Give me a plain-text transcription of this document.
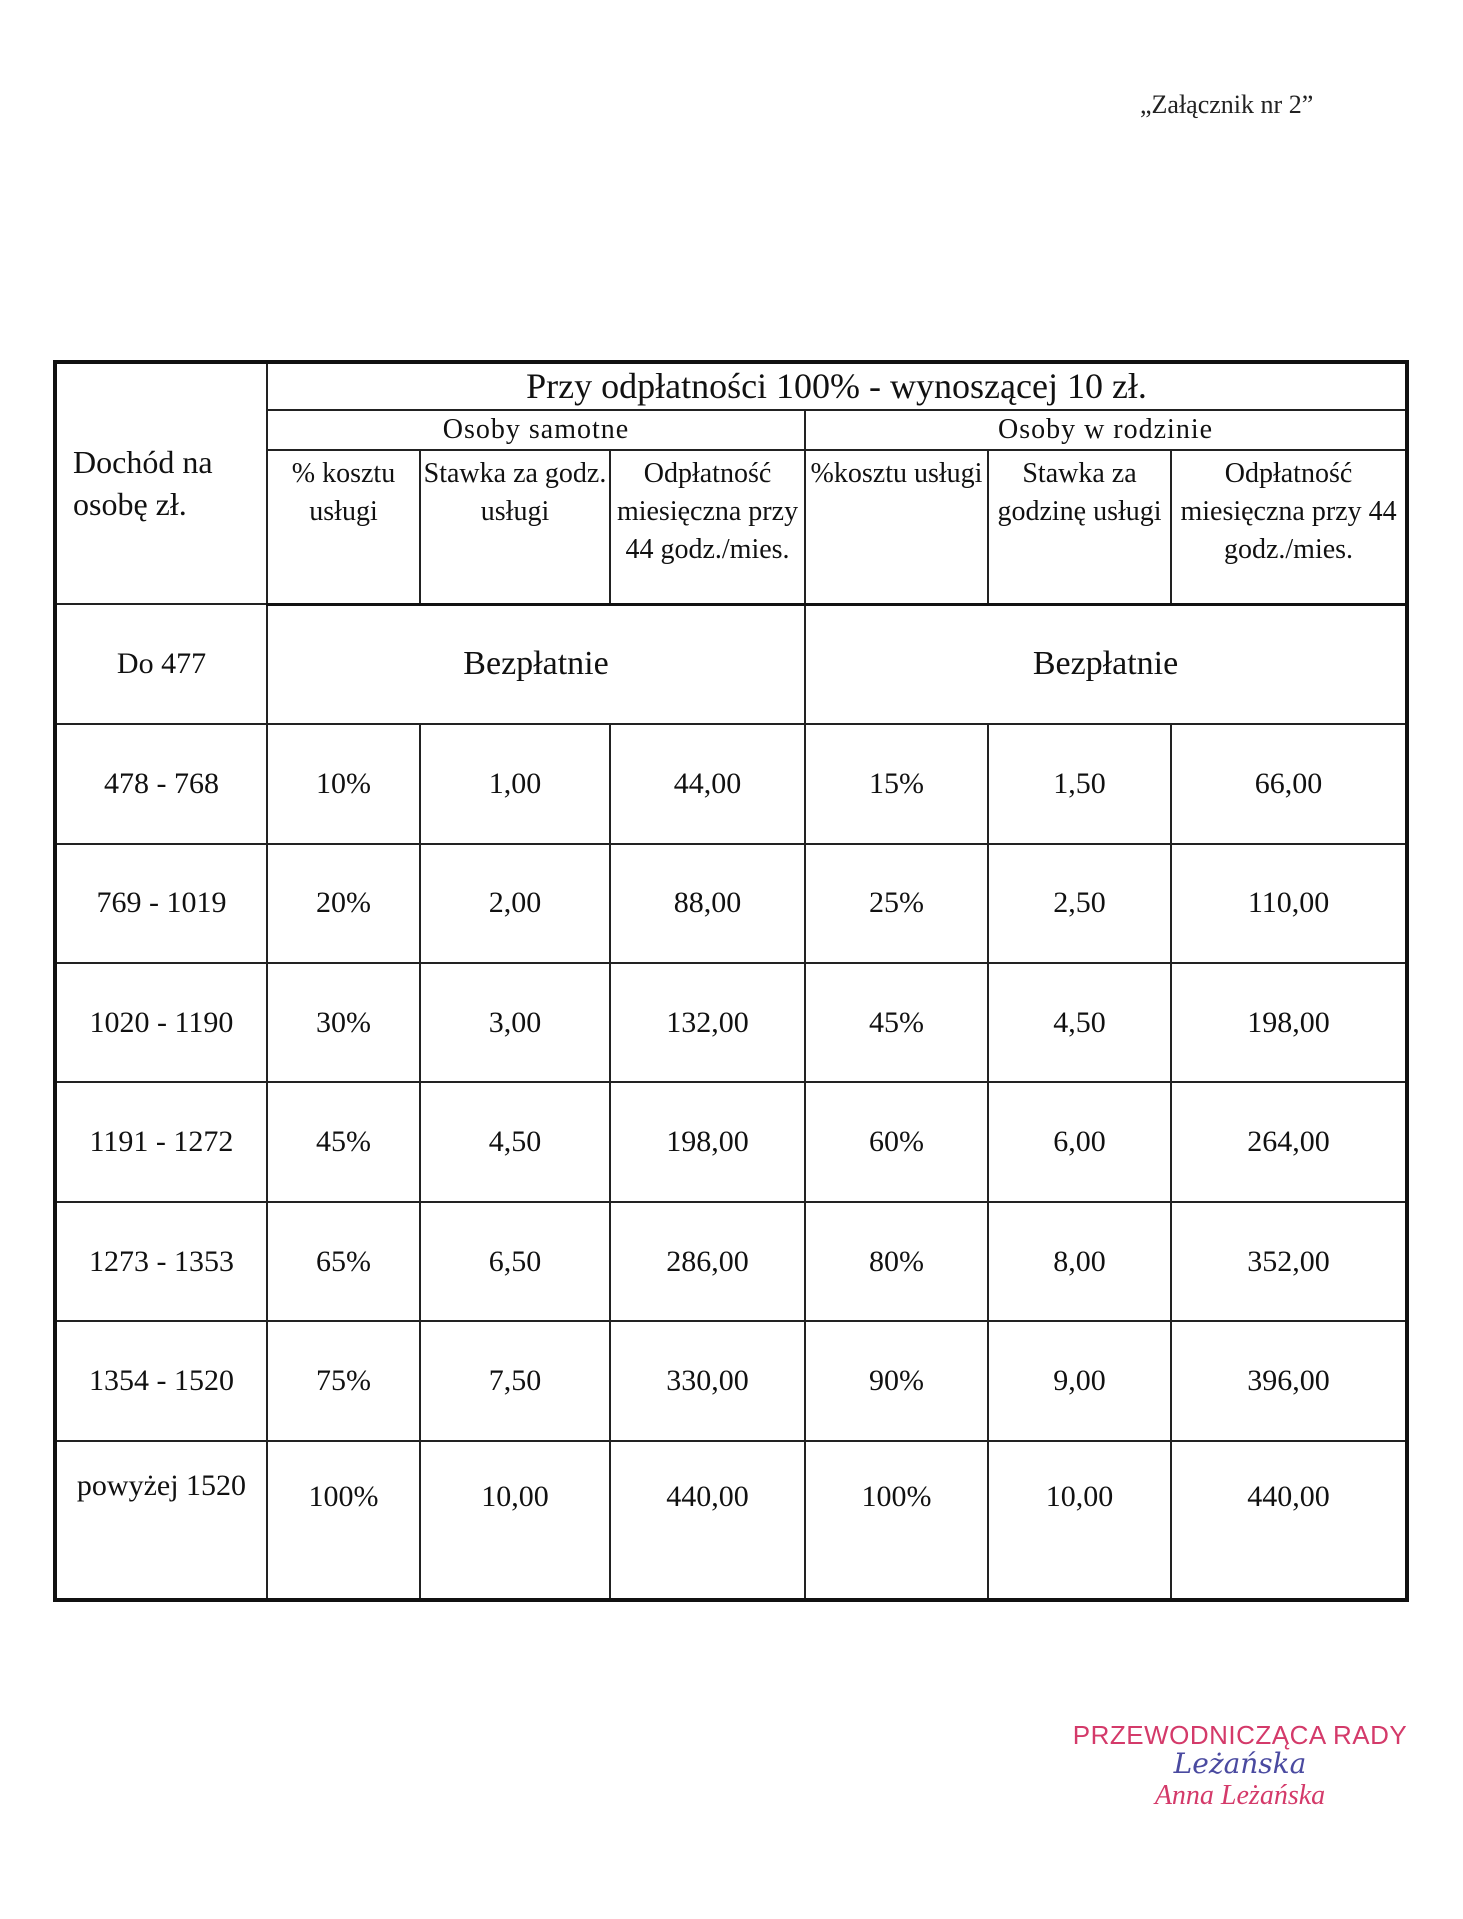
„Załącznik nr 2”
Dochód na osobę zł.	Przy odpłatności 100% - wynoszącej 10 zł.					
	Osoby samotne			Osoby w rodzinie		
	% kosztu usługi	Stawka za godz. usługi	Odpłatność miesięczna przy 44 godz./mies.	%kosztu usługi	Stawka za godzinę usługi	Odpłatność miesięczna przy 44 godz./mies.
Do 477	Bezpłatnie			Bezpłatnie		
478 - 768	10%	1,00	44,00	15%	1,50	66,00
769 - 1019	20%	2,00	88,00	25%	2,50	110,00
1020 - 1190	30%	3,00	132,00	45%	4,50	198,00
1191 - 1272	45%	4,50	198,00	60%	6,00	264,00
1273 - 1353	65%	6,50	286,00	80%	8,00	352,00
1354 - 1520	75%	7,50	330,00	90%	9,00	396,00
powyżej 1520	100%	10,00	440,00	100%	10,00	440,00
PRZEWODNICZĄCA RADY
Leżańska
Anna Leżańska
